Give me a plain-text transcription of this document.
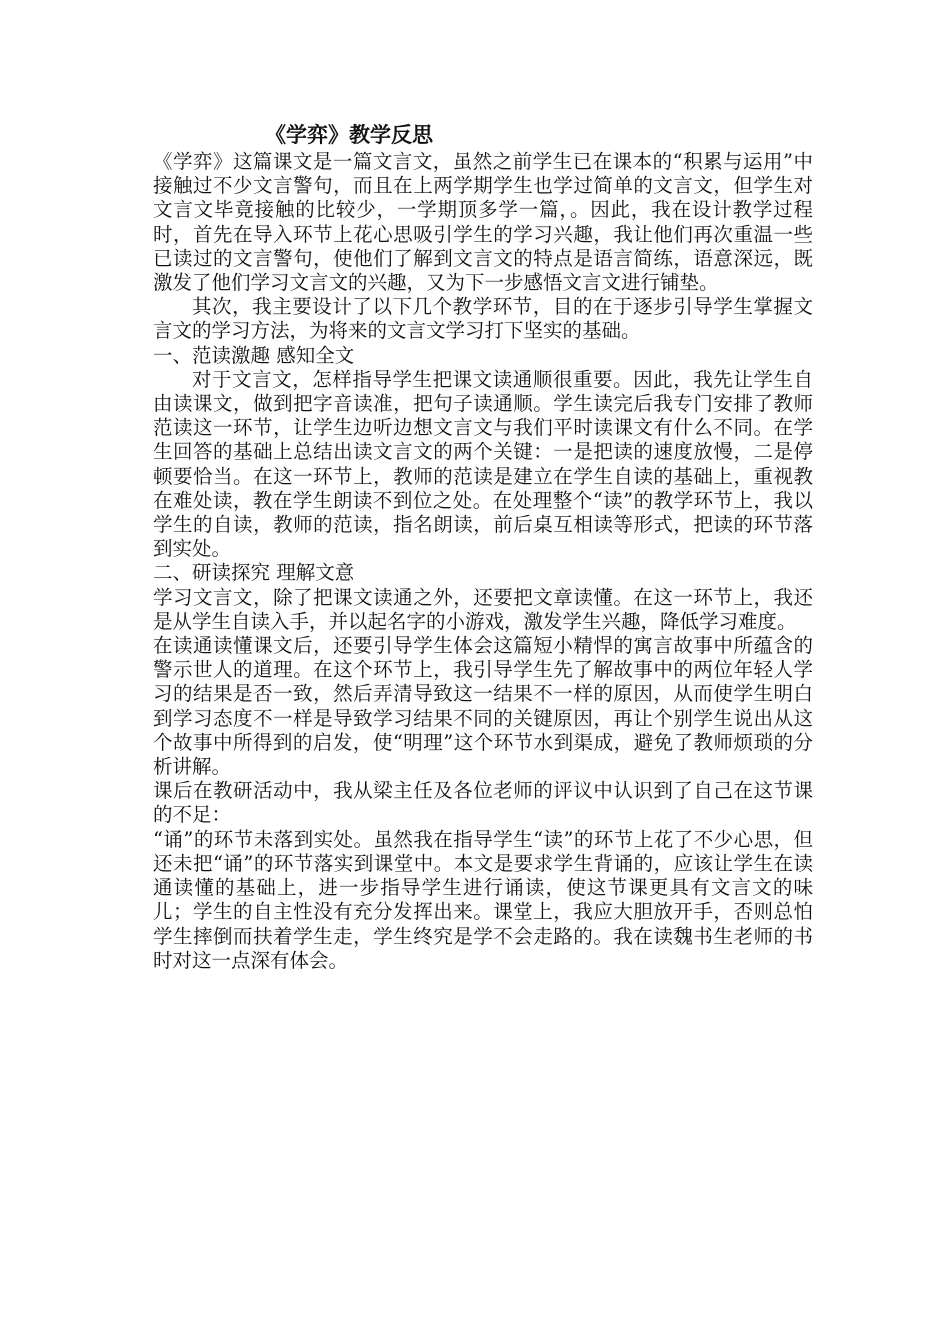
《学弈》教学反思

《学弈》这篇课文是一篇文言文，虽然之前学生已在课本的“积累与运用”中接触过不少文言警句，而且在上两学期学生也学过简单的文言文，但学生对文言文毕竟接触的比较少，一学期顶多学一篇，。因此，我在设计教学过程时，首先在导入环节上花心思吸引学生的学习兴趣，我让他们再次重温一些已读过的文言警句，使他们了解到文言文的特点是语言简练，语意深远，既激发了他们学习文言文的兴趣，又为下一步感悟文言文进行铺垫。

其次，我主要设计了以下几个教学环节，目的在于逐步引导学生掌握文言文的学习方法，为将来的文言文学习打下坚实的基础。

一、范读激趣 感知全文

对于文言文，怎样指导学生把课文读通顺很重要。因此，我先让学生自由读课文，做到把字音读准，把句子读通顺。学生读完后我专门安排了教师范读这一环节，让学生边听边想文言文与我们平时读课文有什么不同。在学生回答的基础上总结出读文言文的两个关键：一是把读的速度放慢，二是停顿要恰当。在这一环节上，教师的范读是建立在学生自读的基础上，重视教在难处读，教在学生朗读不到位之处。在处理整个“读”的教学环节上，我以学生的自读，教师的范读，指名朗读，前后桌互相读等形式，把读的环节落到实处。

二、研读探究 理解文意

学习文言文，除了把课文读通之外，还要把文章读懂。在这一环节上，我还是从学生自读入手，并以起名字的小游戏，激发学生兴趣，降低学习难度。

在读通读懂课文后，还要引导学生体会这篇短小精悍的寓言故事中所蕴含的警示世人的道理。在这个环节上，我引导学生先了解故事中的两位年轻人学习的结果是否一致，然后弄清导致这一结果不一样的原因，从而使学生明白到学习态度不一样是导致学习结果不同的关键原因，再让个别学生说出从这个故事中所得到的启发，使“明理”这个环节水到渠成，避免了教师烦琐的分析讲解。

课后在教研活动中，我从梁主任及各位老师的评议中认识到了自己在这节课的不足：

“诵”的环节未落到实处。虽然我在指导学生“读”的环节上花了不少心思，但还未把“诵”的环节落实到课堂中。本文是要求学生背诵的，应该让学生在读通读懂的基础上，进一步指导学生进行诵读，使这节课更具有文言文的味儿；学生的自主性没有充分发挥出来。课堂上，我应大胆放开手，否则总怕学生摔倒而扶着学生走，学生终究是学不会走路的。我在读魏书生老师的书时对这一点深有体会。
